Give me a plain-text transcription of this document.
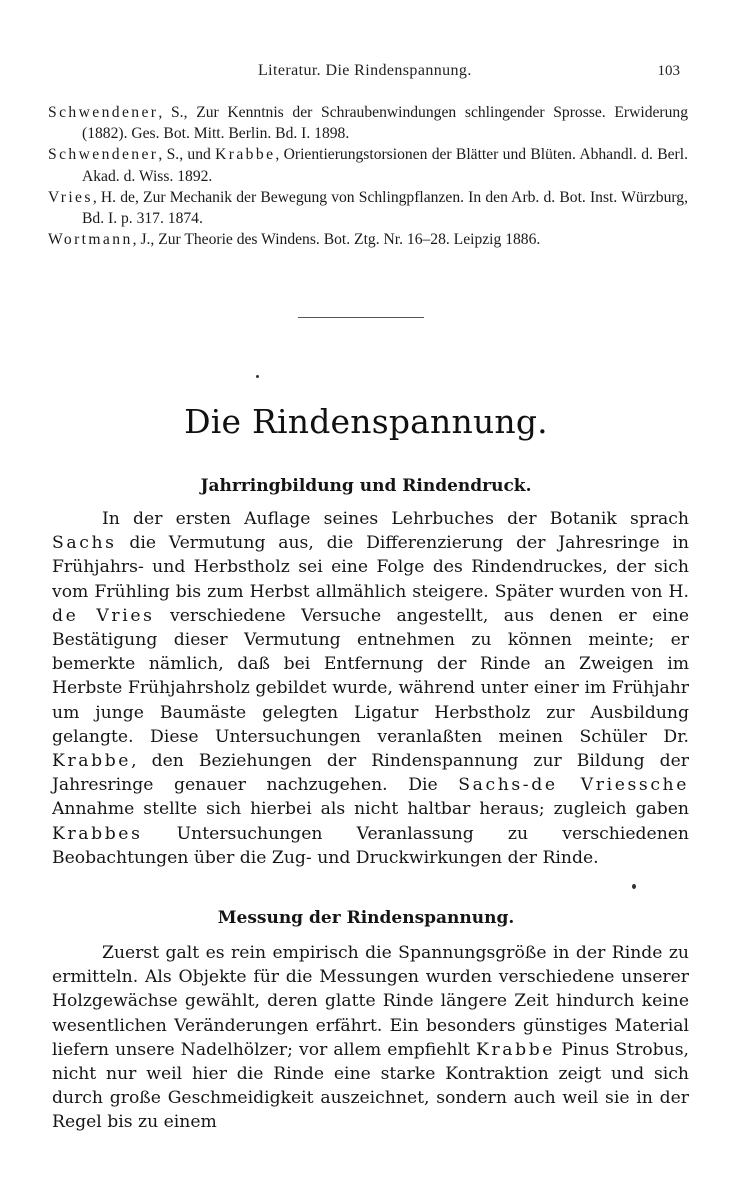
Literatur. Die Rindenspannung.	103

Schwendener, S., Zur Kenntnis der Schraubenwindungen schlingender Sprosse. Erwiderung (1882). Ges. Bot. Mitt. Berlin. Bd. I. 1898.

Schwendener, S., und Krabbe, Orientierungstorsionen der Blätter und Blüten. Abhandl. d. Berl. Akad. d. Wiss. 1892.

Vries, H. de, Zur Mechanik der Bewegung von Schlingpflanzen. In den Arb. d. Bot. Inst. Würzburg, Bd. I. p. 317. 1874.

Wortmann, J., Zur Theorie des Windens. Bot. Ztg. Nr. 16–28. Leipzig 1886.

Die Rindenspannung.
Jahrringbildung und Rindendruck.

In der ersten Auflage seines Lehrbuches der Botanik sprach Sachs die Vermutung aus, die Differenzierung der Jahresringe in Frühjahrs- und Herbstholz sei eine Folge des Rindendruckes, der sich vom Frühling bis zum Herbst allmählich steigere. Später wurden von H. de Vries verschiedene Versuche angestellt, aus denen er eine Bestätigung dieser Vermutung entnehmen zu können meinte; er bemerkte nämlich, daß bei Entfernung der Rinde an Zweigen im Herbste Frühjahrsholz gebildet wurde, während unter einer im Frühjahr um junge Baumäste gelegten Ligatur Herbstholz zur Ausbildung gelangte. Diese Untersuchungen veranlaßten meinen Schüler Dr. Krabbe, den Beziehungen der Rindenspannung zur Bildung der Jahresringe genauer nachzugehen. Die Sachs-de Vriessche Annahme stellte sich hierbei als nicht haltbar heraus; zugleich gaben Krabbes Untersuchungen Veranlassung zu verschiedenen Beobachtungen über die Zug- und Druckwirkungen der Rinde.

Messung der Rindenspannung.

Zuerst galt es rein empirisch die Spannungsgröße in der Rinde zu ermitteln. Als Objekte für die Messungen wurden verschiedene unserer Holzgewächse gewählt, deren glatte Rinde längere Zeit hindurch keine wesentlichen Veränderungen erfährt. Ein besonders günstiges Material liefern unsere Nadelhölzer; vor allem empfiehlt Krabbe Pinus Strobus, nicht nur weil hier die Rinde eine starke Kontraktion zeigt und sich durch große Geschmeidigkeit auszeichnet, sondern auch weil sie in der Regel bis zu einem
